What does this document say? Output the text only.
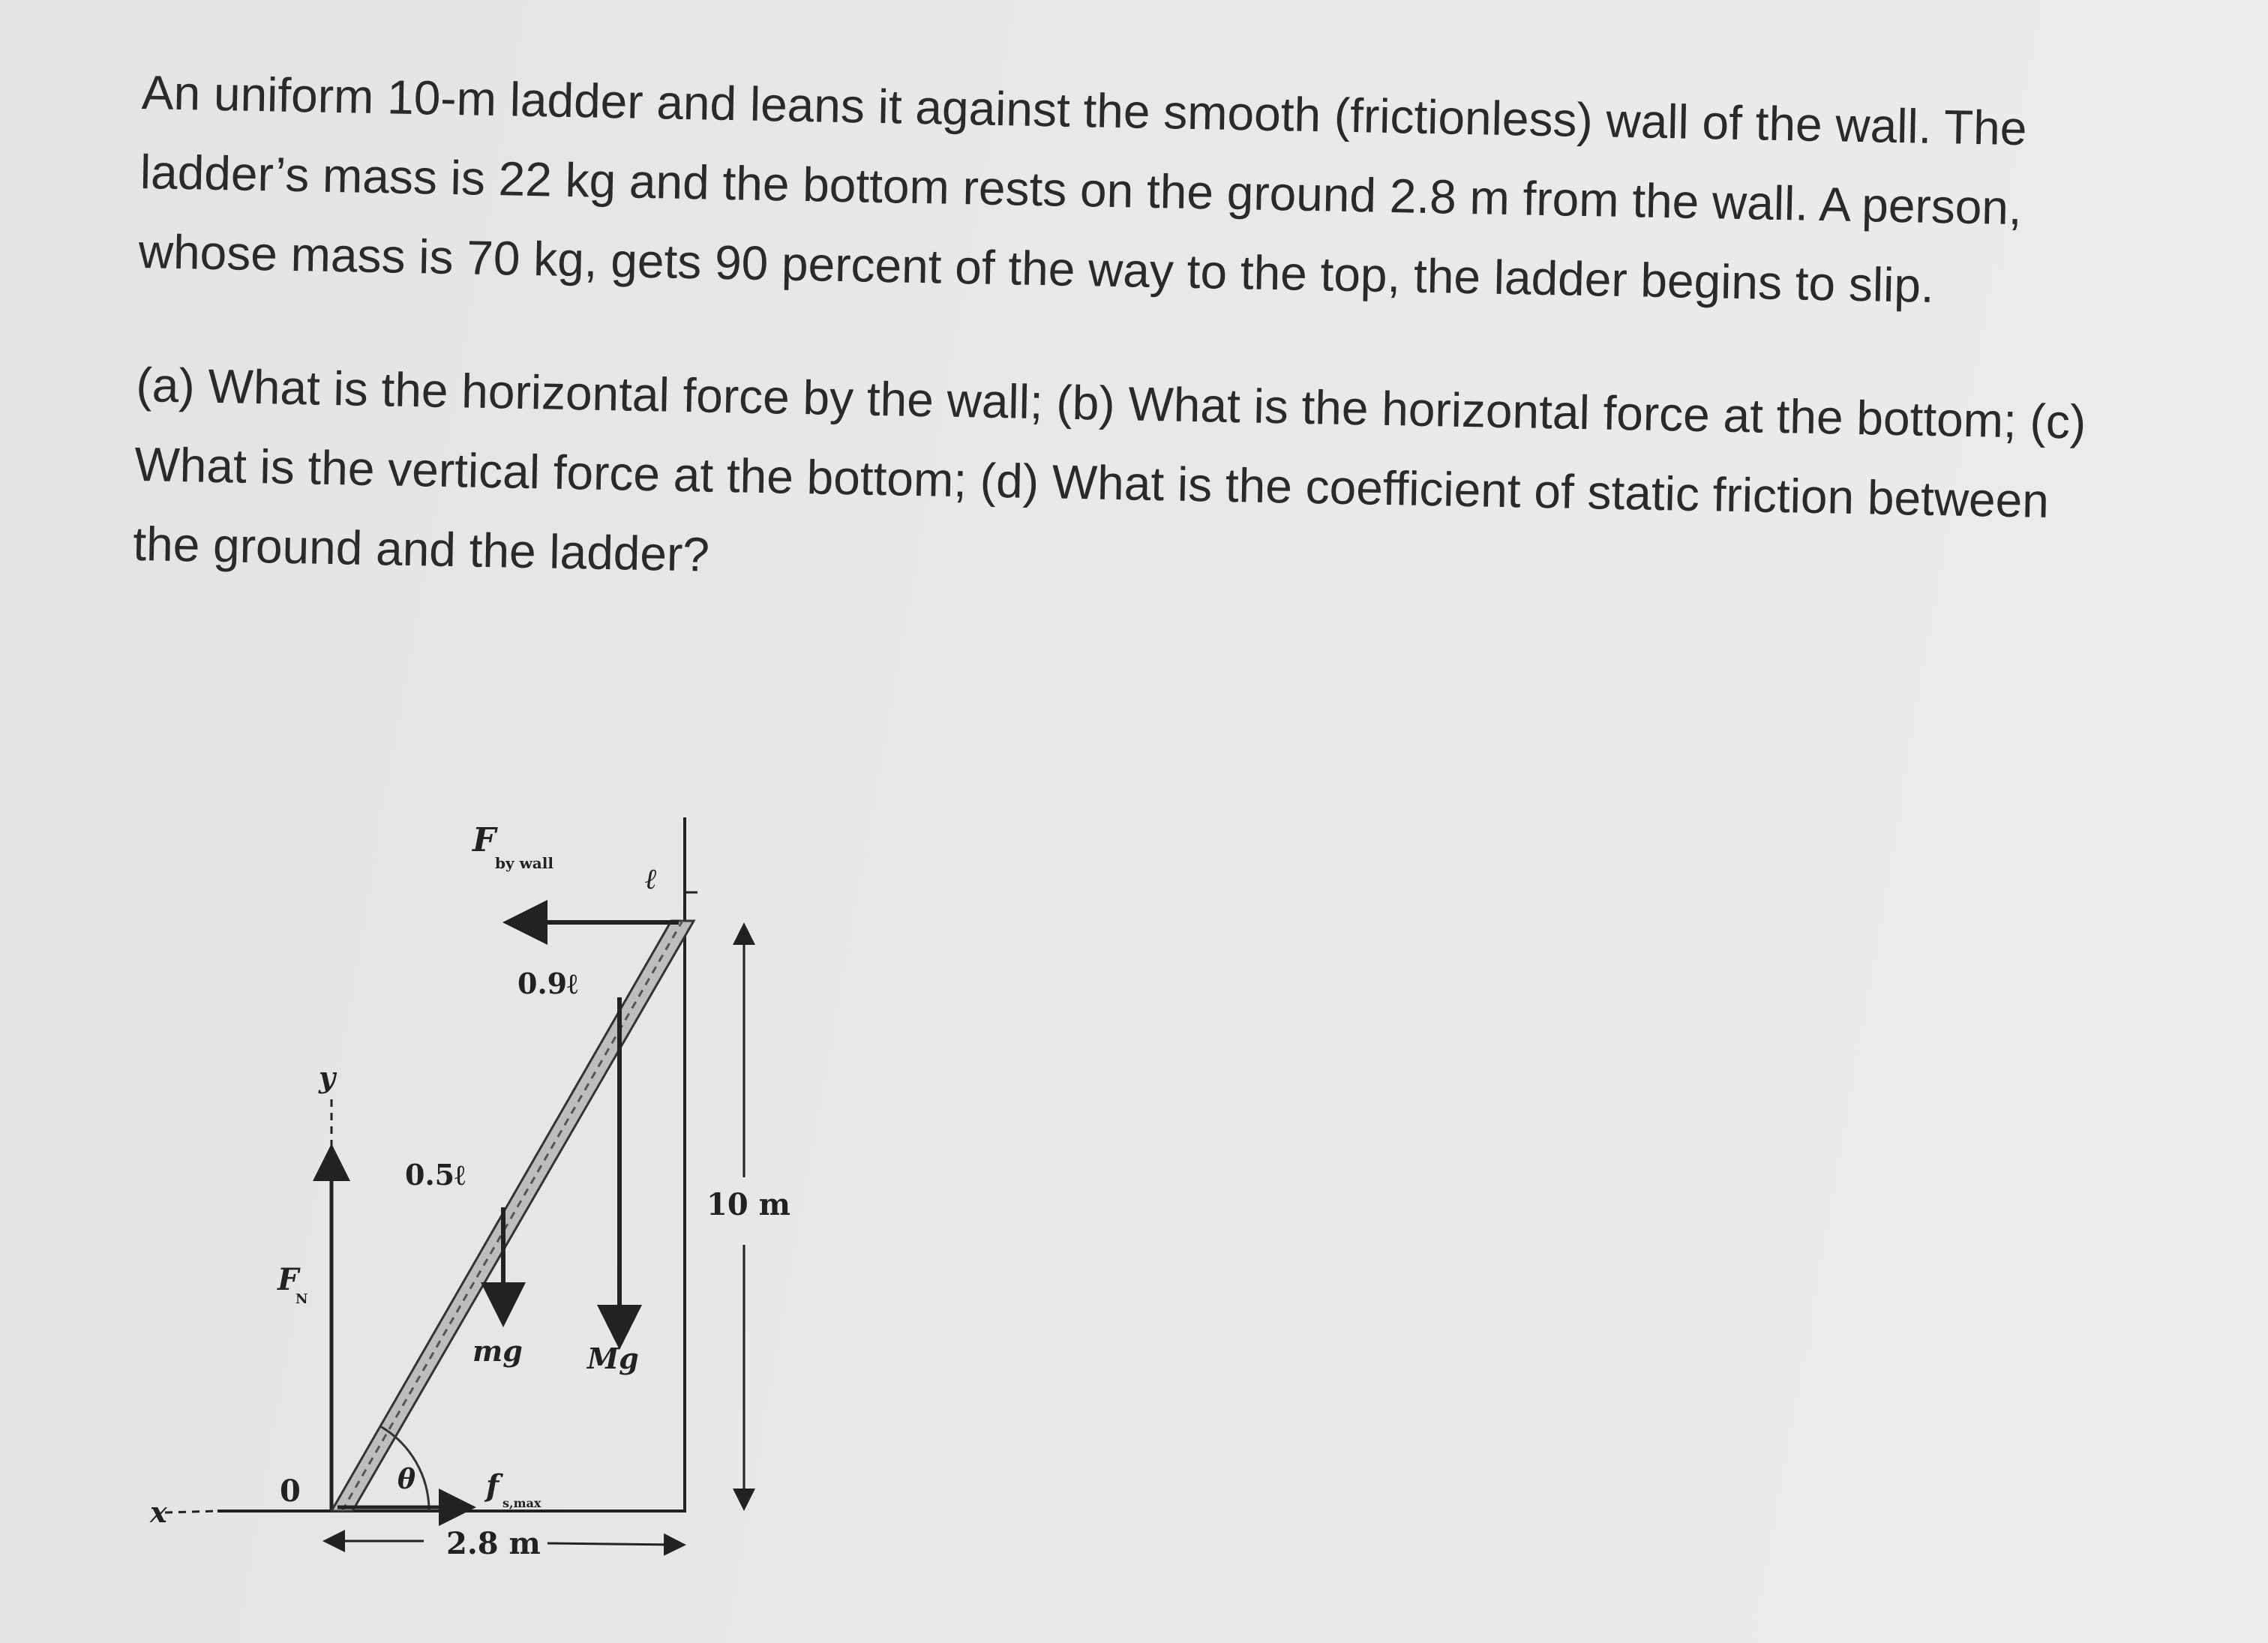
An uniform 10-m ladder and leans it against the smooth (frictionless) wall of the wall. The ladder’s mass is 22 kg and the bottom rests on the ground 2.8 m from the wall. A person, whose mass is 70 kg, gets 90 percent of the way to the top, the ladder begins to slip.

(a) What is the horizontal force by the wall; (b) What is the horizontal force at the bottom; (c) What is the vertical force at the bottom; (d) What is the coefficient of static friction between the ground and the ladder?

F
by wall	ℓ
0.9ℓ
y
0.5ℓ
10 m
F
N
mg Mg
x
0	θ f s,max
2.8 m
